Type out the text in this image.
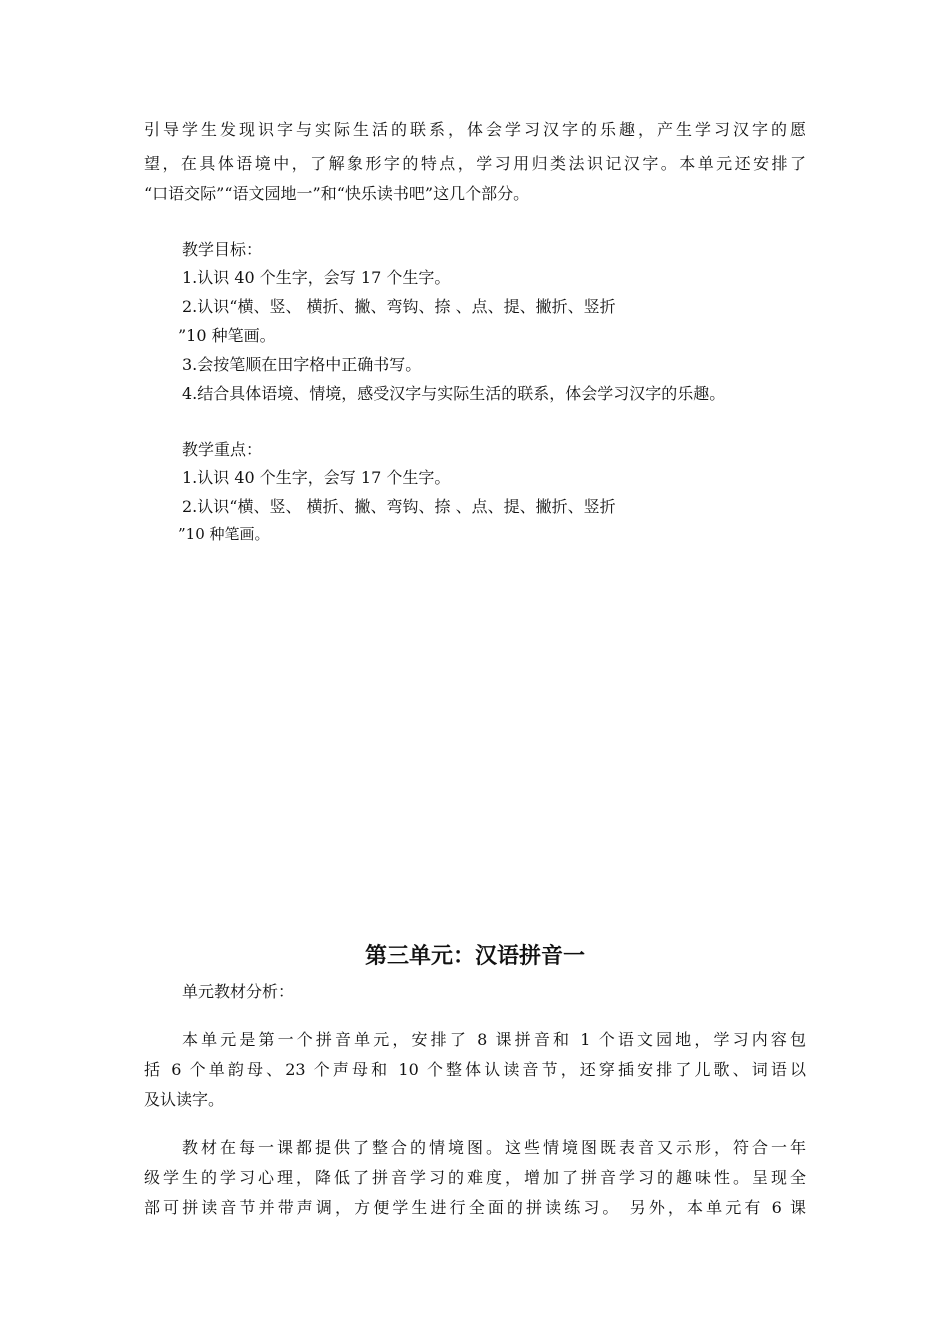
引导学生发现识字与实际生活的联系，体会学习汉字的乐趣，产生学习汉字的愿

望，在具体语境中，了解象形字的特点，学习用归类法识记汉字。本单元还安排了

“口语交际”“语文园地一”和“快乐读书吧”这几个部分。

教学目标：

1.认识 40 个生字，会写 17 个生字。

2.认识“横、竖、 横折、撇、弯钩、捺 、点、提、撇折、竖折

”10 种笔画。

3.会按笔顺在田字格中正确书写。

4.结合具体语境、情境，感受汉字与实际生活的联系，体会学习汉字的乐趣。

教学重点：

1.认识 40 个生字，会写 17 个生字。

2.认识“横、竖、 横折、撇、弯钩、捺 、点、提、撇折、竖折

”10 种笔画。

第三单元：汉语拼音一

单元教材分析：

本单元是第一个拼音单元，安排了 8 课拼音和 1 个语文园地，学习内容包

括 6 个单韵母、23 个声母和 10 个整体认读音节，还穿插安排了儿歌、词语以

及认读字。

教材在每一课都提供了整合的情境图。这些情境图既表音又示形，符合一年

级学生的学习心理，降低了拼音学习的难度，增加了拼音学习的趣味性。呈现全

部可拼读音节并带声调，方便学生进行全面的拼读练习。 另外，本单元有 6 课
